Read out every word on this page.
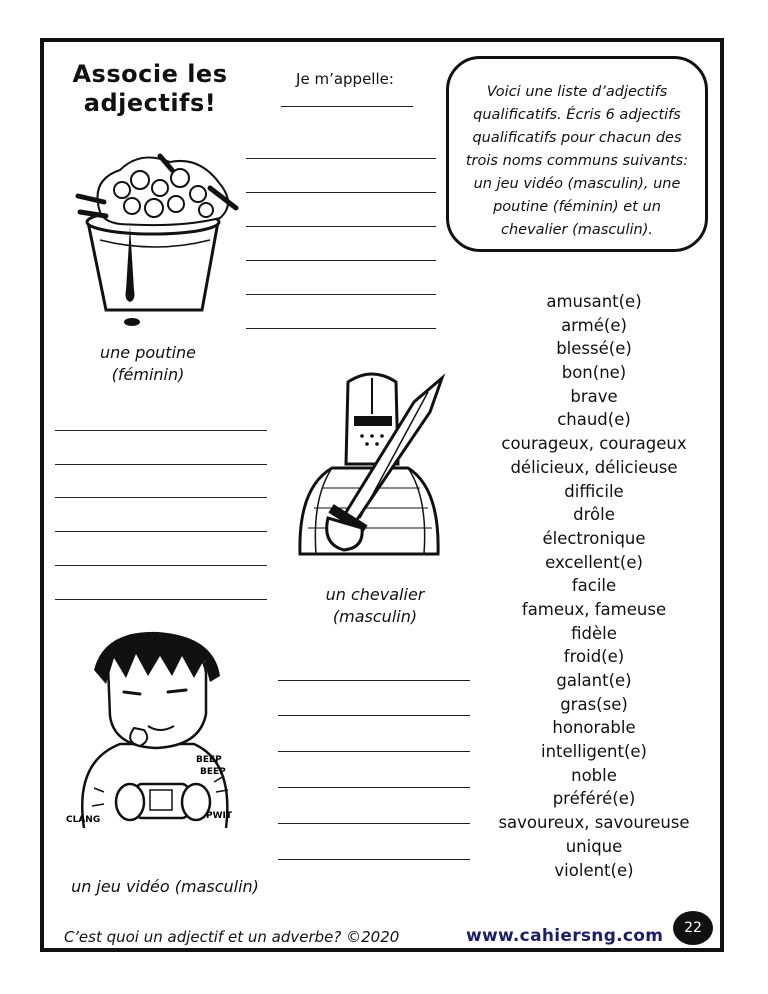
Associe les adjectifs!
Je m’appelle:
Voici une liste d’adjectifs qualificatifs. Écris 6 adjectifs qualificatifs pour chacun des trois noms communs suivants: un jeu vidéo (masculin), une poutine (féminin) et un chevalier (masculin).
une poutine
(féminin)
un chevalier
(masculin)
BEEP
BEEP
CLANG	PWIT
un jeu vidéo (masculin)
amusant(e)
armé(e)
blessé(e)
bon(ne)
brave
chaud(e)
courageux, courageux
délicieux, délicieuse
difficile
drôle
électronique
excellent(e)
facile
fameux, fameuse
fidèle
froid(e)
galant(e)
gras(se)
honorable
intelligent(e)
noble
préféré(e)
savoureux, savoureuse
unique
violent(e)
C’est quoi un adjectif et un adverbe? ©2020	www.cahiersng.com	22
